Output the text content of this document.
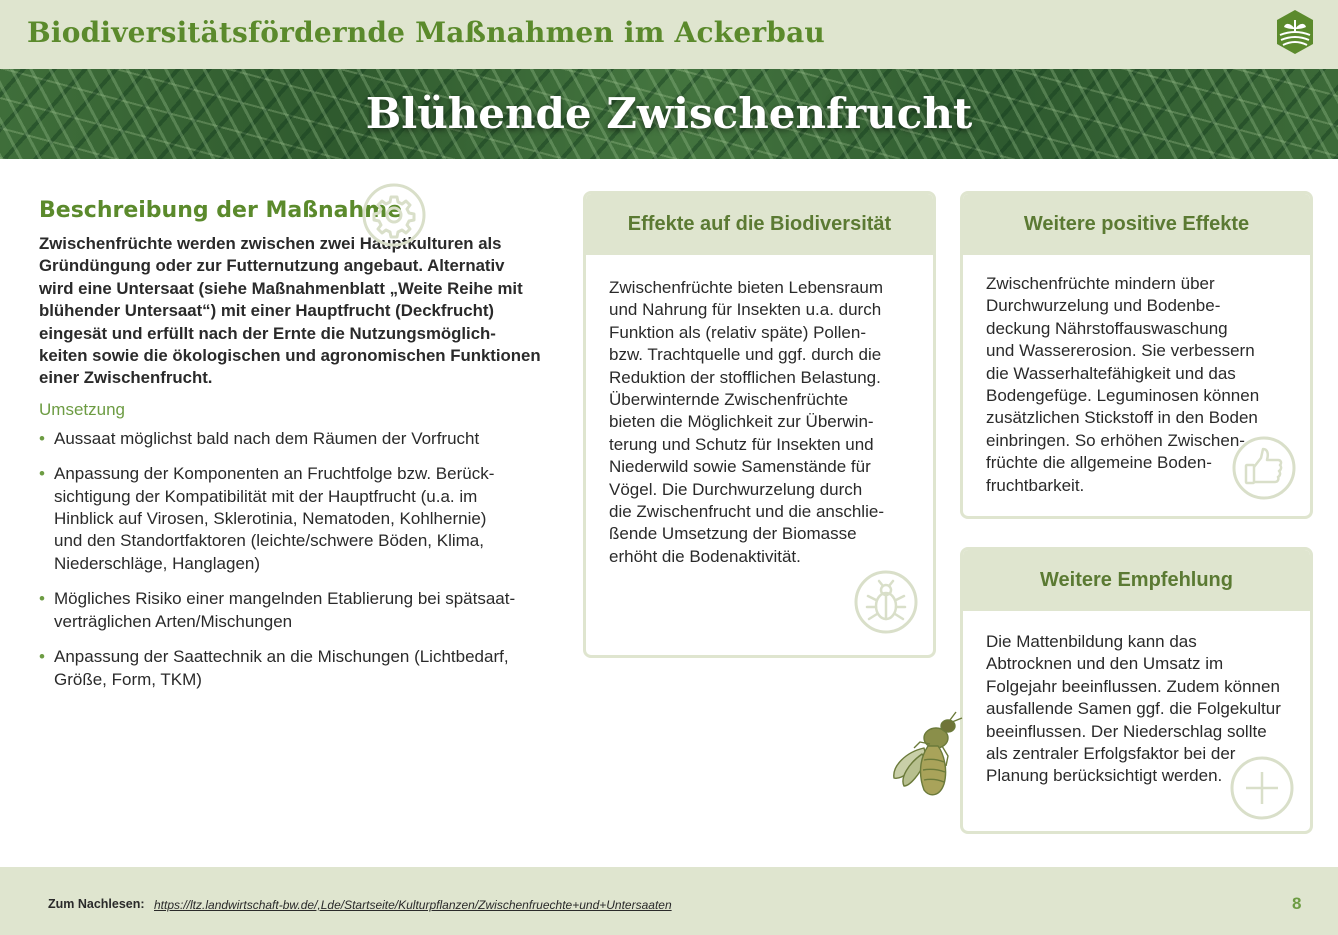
Biodiversitätsfördernde Maßnahmen im Ackerbau
Blühende Zwischenfrucht
Beschreibung der Maßnahme
Zwischenfrüchte werden zwischen zwei Hauptkulturen als
Gründüngung oder zur Futternutzung angebaut. Alternativ
wird eine Untersaat (siehe Maßnahmenblatt „Weite Reihe mit
blühender Untersaat“) mit einer Hauptfrucht (Deckfrucht)
eingesät und erfüllt nach der Ernte die Nutzungsmöglich-
keiten sowie die ökologischen und agronomischen Funktionen
einer Zwischenfrucht.
Umsetzung
• Aussaat möglichst bald nach dem Räumen der Vorfrucht
• Anpassung der Komponenten an Fruchtfolge bzw. Berück-
sichtigung der Kompatibilität mit der Hauptfrucht (u.a. im
Hinblick auf Virosen, Sklerotinia, Nematoden, Kohlhernie)
und den Standortfaktoren (leichte/schwere Böden, Klima,
Niederschläge, Hanglagen)
• Mögliches Risiko einer mangelnden Etablierung bei spätsaat-
verträglichen Arten/Mischungen
• Anpassung der Saattechnik an die Mischungen (Lichtbedarf,
Größe, Form, TKM)
Effekte auf die Biodiversität
Zwischenfrüchte bieten Lebensraum
und Nahrung für Insekten u.a. durch
Funktion als (relativ späte) Pollen-
bzw. Trachtquelle und ggf. durch die
Reduktion der stofflichen Belastung.
Überwinternde Zwischenfrüchte
bieten die Möglichkeit zur Überwin-
terung und Schutz für Insekten und
Niederwild sowie Samenstände für
Vögel. Die Durchwurzelung durch
die Zwischenfrucht und die anschlie-
ßende Umsetzung der Biomasse
erhöht die Bodenaktivität.
Weitere positive Effekte
Zwischenfrüchte mindern über
Durchwurzelung und Bodenbe-
deckung Nährstoffauswaschung
und Wassererosion. Sie verbessern
die Wasserhaltefähigkeit und das
Bodengefüge. Leguminosen können
zusätzlichen Stickstoff in den Boden
einbringen. So erhöhen Zwischen-
früchte die allgemeine Boden-
fruchtbarkeit.
Weitere Empfehlung
Die Mattenbildung kann das
Abtrocknen und den Umsatz im
Folgejahr beeinflussen. Zudem können
ausfallende Samen ggf. die Folgekultur
beeinflussen. Der Niederschlag sollte
als zentraler Erfolgsfaktor bei der
Planung berücksichtigt werden.
Zum Nachlesen: https://ltz.landwirtschaft-bw.de/,Lde/Startseite/Kulturpflanzen/Zwischenfruechte+und+Untersaaten	8
